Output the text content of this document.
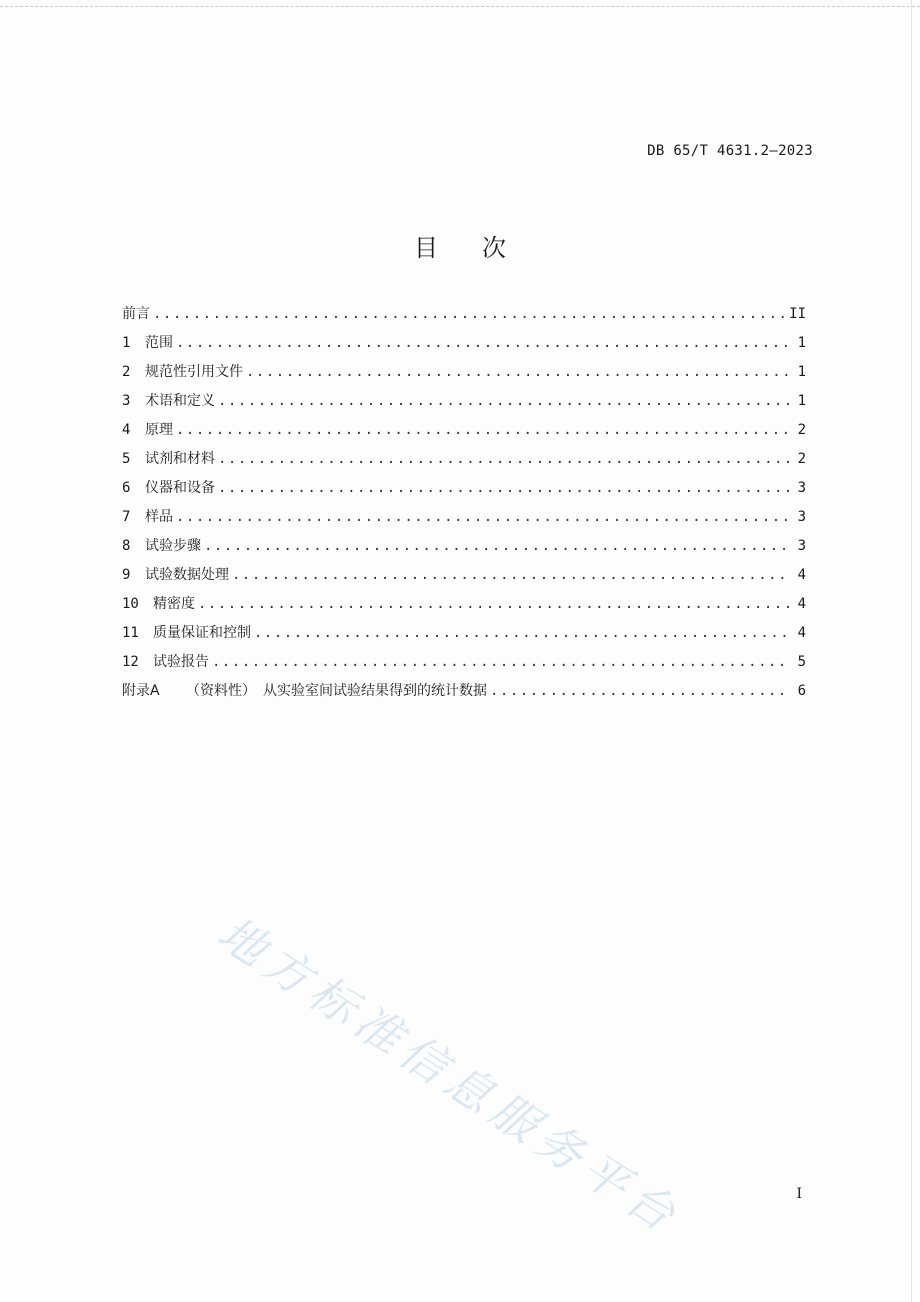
DB 65/T 4631.2—2023
目次
前言 .....	II
1	范围 .....	1
2	规范性引用文件 .....	1
3	术语和定义 .....	1
4	原理 .....	2
5	试剂和材料 .....	2
6	仪器和设备 .....	3
7	样品 .....	3
8	试验步骤 .....	3
9	试验数据处理 .....	4
10	精密度 .....	4
11	质量保证和控制 .....	4
12	试验报告 .....	5
附录A	（资料性）　从实验室间试验结果得到的统计数据 .....	6
地方标准信息服务平台	I
